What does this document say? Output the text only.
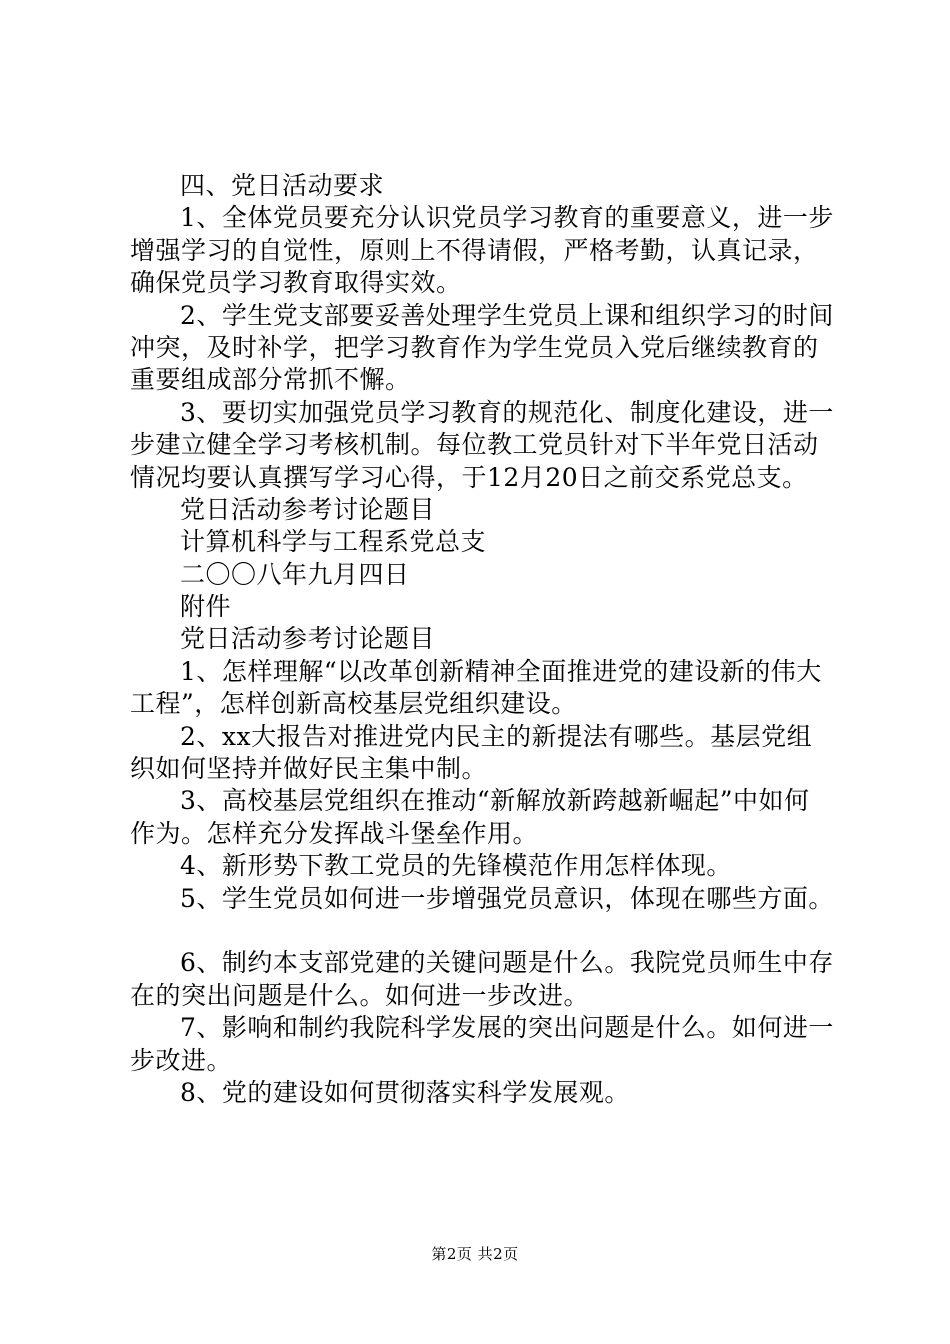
四、党日活动要求
1、全体党员要充分认识党员学习教育的重要意义，进一步
增强学习的自觉性，原则上不得请假，严格考勤，认真记录，
确保党员学习教育取得实效。
2、学生党支部要妥善处理学生党员上课和组织学习的时间
冲突，及时补学，把学习教育作为学生党员入党后继续教育的
重要组成部分常抓不懈。
3、要切实加强党员学习教育的规范化、制度化建设，进一
步建立健全学习考核机制。每位教工党员针对下半年党日活动
情况均要认真撰写学习心得，于12月20日之前交系党总支。
党日活动参考讨论题目
计算机科学与工程系党总支
二〇〇八年九月四日
附件
党日活动参考讨论题目
1、怎样理解“以改革创新精神全面推进党的建设新的伟大
工程”，怎样创新高校基层党组织建设。
2、xx大报告对推进党内民主的新提法有哪些。基层党组
织如何坚持并做好民主集中制。
3、高校基层党组织在推动“新解放新跨越新崛起”中如何
作为。怎样充分发挥战斗堡垒作用。
4、新形势下教工党员的先锋模范作用怎样体现。
5、学生党员如何进一步增强党员意识，体现在哪些方面。
6、制约本支部党建的关键问题是什么。我院党员师生中存
在的突出问题是什么。如何进一步改进。
7、影响和制约我院科学发展的突出问题是什么。如何进一
步改进。
8、党的建设如何贯彻落实科学发展观。
第2页 共2页
